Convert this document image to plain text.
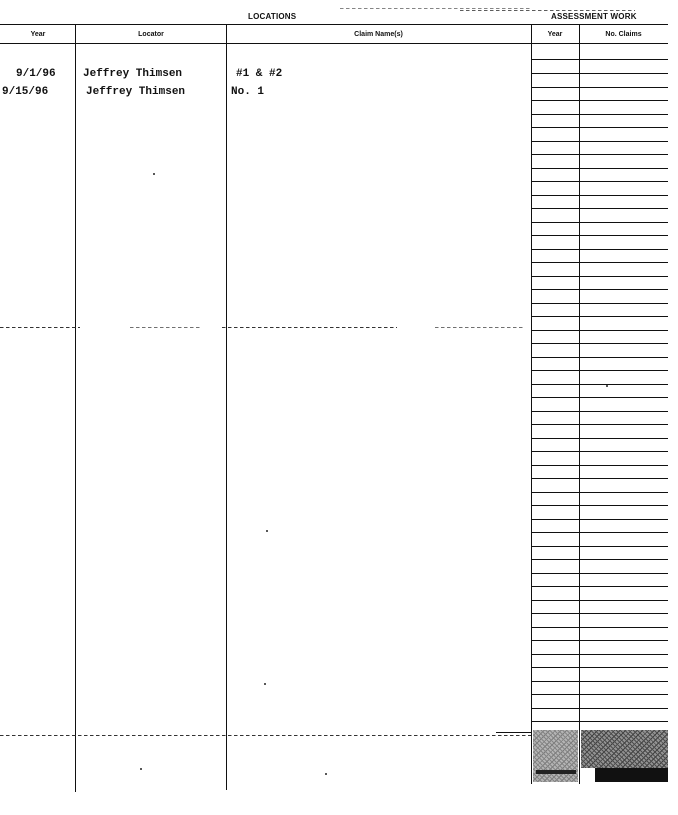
LOCATIONS	ASSESSMENT WORK
Year	Locator	Claim Name(s)	Year	No. Claims
9/1/96 Jeffrey Thimsen	#1 & #2
9/15/96	Jeffrey Thimsen	No. 1
